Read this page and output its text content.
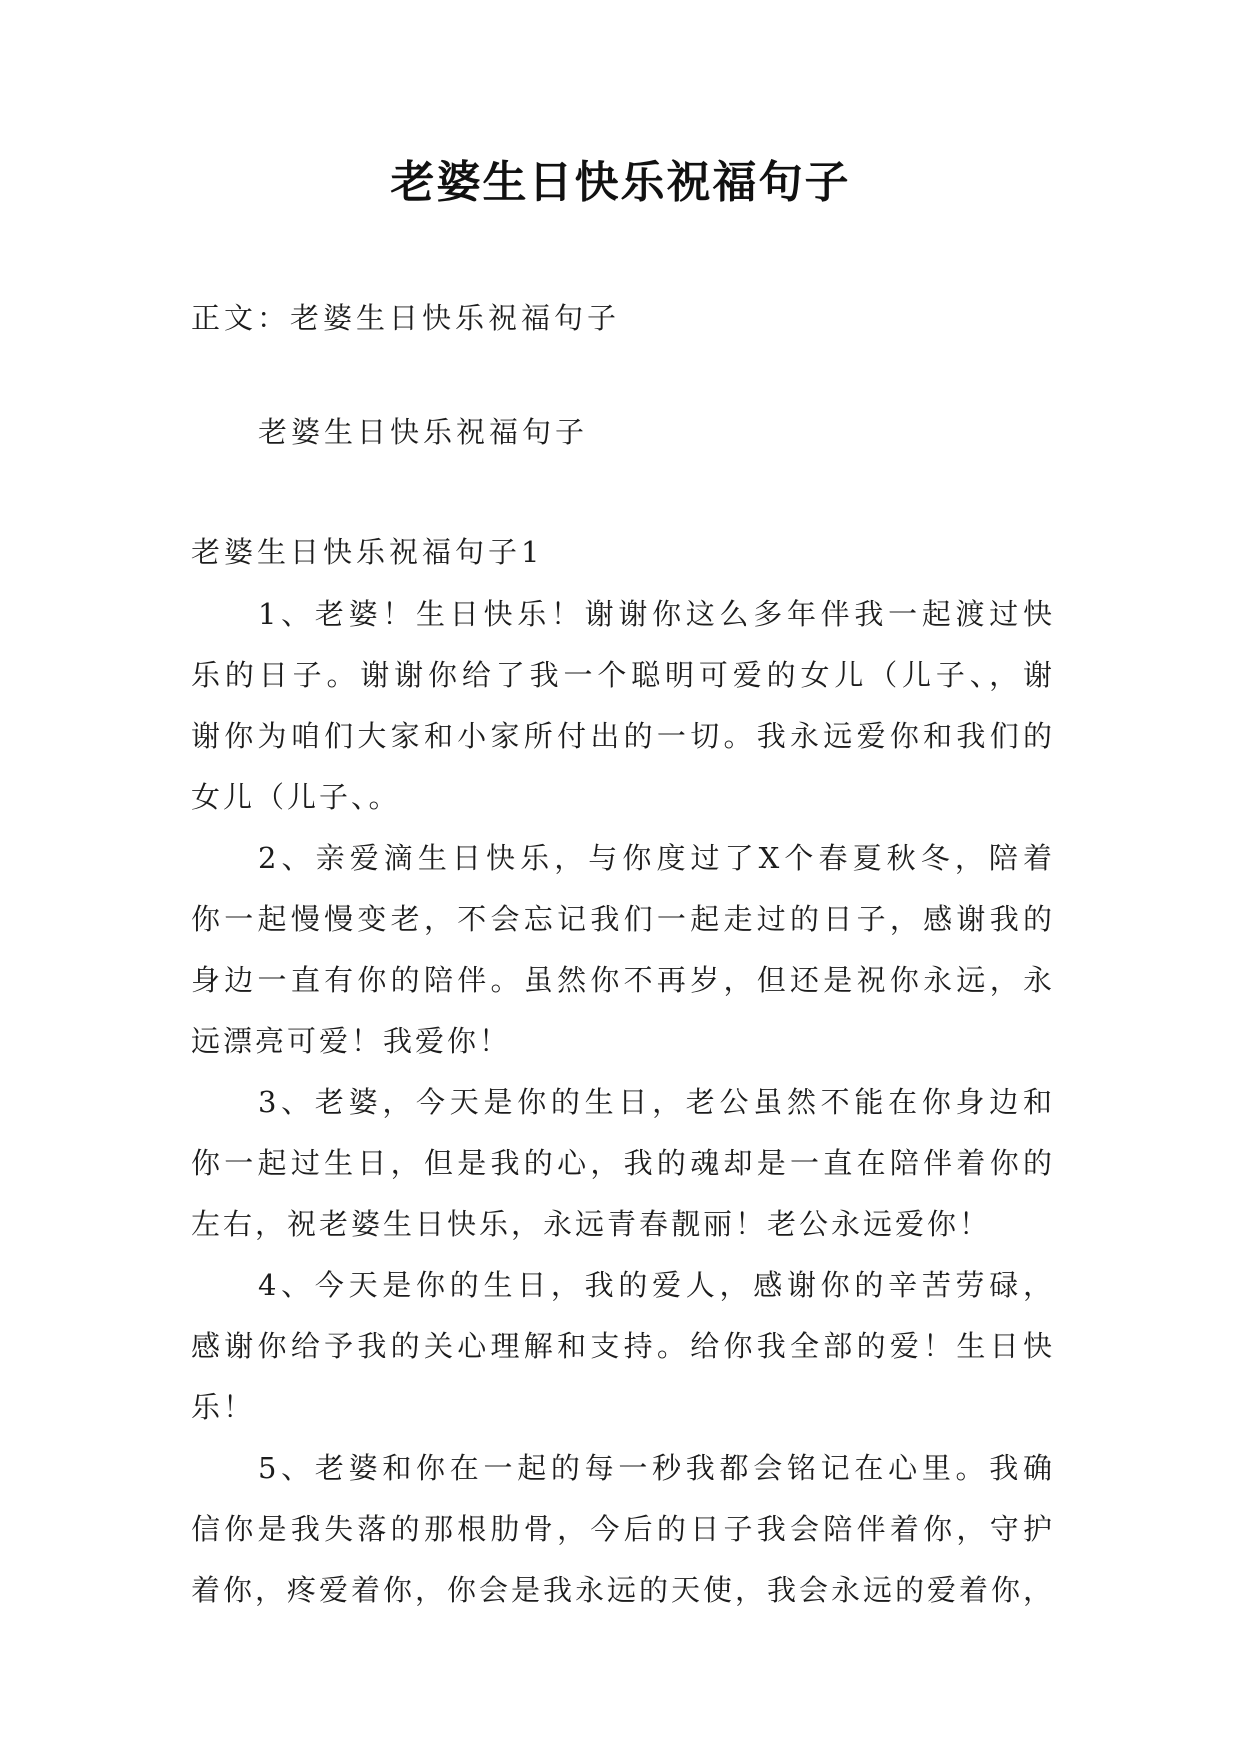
老婆生日快乐祝福句子
正文：老婆生日快乐祝福句子
老婆生日快乐祝福句子
老婆生日快乐祝福句子1
1、老婆！生日快乐！谢谢你这么多年伴我一起渡过快
乐的日子。谢谢你给了我一个聪明可爱的女儿（儿子、，谢
谢你为咱们大家和小家所付出的一切。我永远爱你和我们的
女儿（儿子、。
2、亲爱滴生日快乐，与你度过了X个春夏秋冬，陪着
你一起慢慢变老，不会忘记我们一起走过的日子，感谢我的
身边一直有你的陪伴。虽然你不再岁，但还是祝你永远，永
远漂亮可爱！我爱你！
3、老婆，今天是你的生日，老公虽然不能在你身边和
你一起过生日，但是我的心，我的魂却是一直在陪伴着你的
左右，祝老婆生日快乐，永远青春靓丽！老公永远爱你！
4、今天是你的生日，我的爱人，感谢你的辛苦劳碌，
感谢你给予我的关心理解和支持。给你我全部的爱！生日快
乐！
5、老婆和你在一起的每一秒我都会铭记在心里。我确
信你是我失落的那根肋骨，今后的日子我会陪伴着你，守护
着你，疼爱着你，你会是我永远的天使，我会永远的爱着你，
